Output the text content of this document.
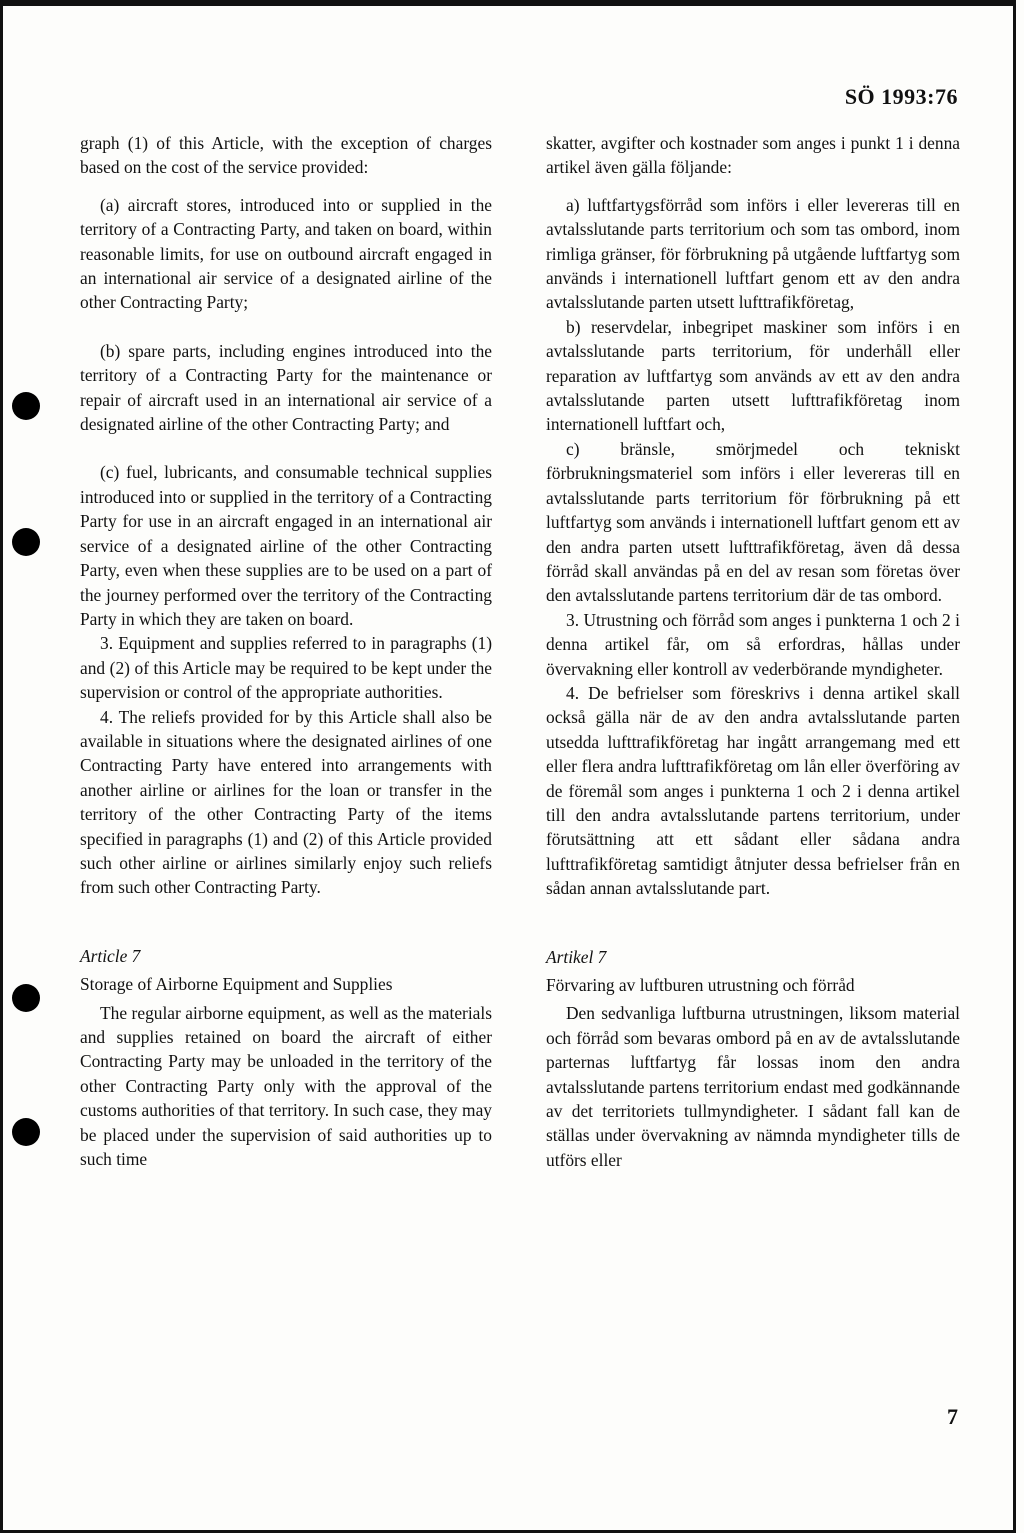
SÖ 1993:76

graph (1) of this Article, with the exception of charges based on the cost of the service provided:

(a) aircraft stores, introduced into or supplied in the territory of a Contracting Party, and taken on board, within reasonable limits, for use on outbound aircraft engaged in an international air service of a designated airline of the other Contracting Party;

(b) spare parts, including engines introduced into the territory of a Contracting Party for the maintenance or repair of aircraft used in an international air service of a designated airline of the other Contracting Party; and

(c) fuel, lubricants, and consumable technical supplies introduced into or supplied in the territory of a Contracting Party for use in an aircraft engaged in an international air service of a designated airline of the other Contracting Party, even when these supplies are to be used on a part of the journey performed over the territory of the Contracting Party in which they are taken on board.

3. Equipment and supplies referred to in paragraphs (1) and (2) of this Article may be required to be kept under the supervision or control of the appropriate authorities.

4. The reliefs provided for by this Article shall also be available in situations where the designated airlines of one Contracting Party have entered into arrangements with another airline or airlines for the loan or transfer in the territory of the other Contracting Party of the items specified in paragraphs (1) and (2) of this Article provided such other airline or airlines similarly enjoy such reliefs from such other Contracting Party.

Article 7

Storage of Airborne Equipment and Supplies

The regular airborne equipment, as well as the materials and supplies retained on board the aircraft of either Contracting Party may be unloaded in the territory of the other Contracting Party only with the approval of the customs authorities of that territory. In such case, they may be placed under the supervision of said authorities up to such time

skatter, avgifter och kostnader som anges i punkt 1 i denna artikel även gälla följande:

a) luftfartygsförråd som införs i eller levereras till en avtalsslutande parts territorium och som tas ombord, inom rimliga gränser, för förbrukning på utgående luftfartyg som används i internationell luftfart genom ett av den andra avtalsslutande parten utsett lufttrafikföretag,

b) reservdelar, inbegripet maskiner som införs i en avtalsslutande parts territorium, för underhåll eller reparation av luftfartyg som används av ett av den andra avtalsslutande parten utsett lufttrafikföretag inom internationell luftfart och,

c) bränsle, smörjmedel och tekniskt förbrukningsmateriel som införs i eller levereras till en avtalsslutande parts territorium för förbrukning på ett luftfartyg som används i internationell luftfart genom ett av den andra parten utsett lufttrafikföretag, även då dessa förråd skall användas på en del av resan som företas över den avtalsslutande partens territorium där de tas ombord.

3. Utrustning och förråd som anges i punkterna 1 och 2 i denna artikel får, om så erfordras, hållas under övervakning eller kontroll av vederbörande myndigheter.

4. De befrielser som föreskrivs i denna artikel skall också gälla när de av den andra avtalsslutande parten utsedda lufttrafikföretag har ingått arrangemang med ett eller flera andra lufttrafikföretag om lån eller överföring av de föremål som anges i punkterna 1 och 2 i denna artikel till den andra avtalsslutande partens territorium, under förutsättning att ett sådant eller sådana andra lufttrafikföretag samtidigt åtnjuter dessa befrielser från en sådan annan avtalsslutande part.

Artikel 7

Förvaring av luftburen utrustning och förråd

Den sedvanliga luftburna utrustningen, liksom material och förråd som bevaras ombord på en av de avtalsslutande parternas luftfartyg får lossas inom den andra avtalsslutande partens territorium endast med godkännande av det territoriets tullmyndigheter. I sådant fall kan de ställas under övervakning av nämnda myndigheter tills de utförs eller

7
